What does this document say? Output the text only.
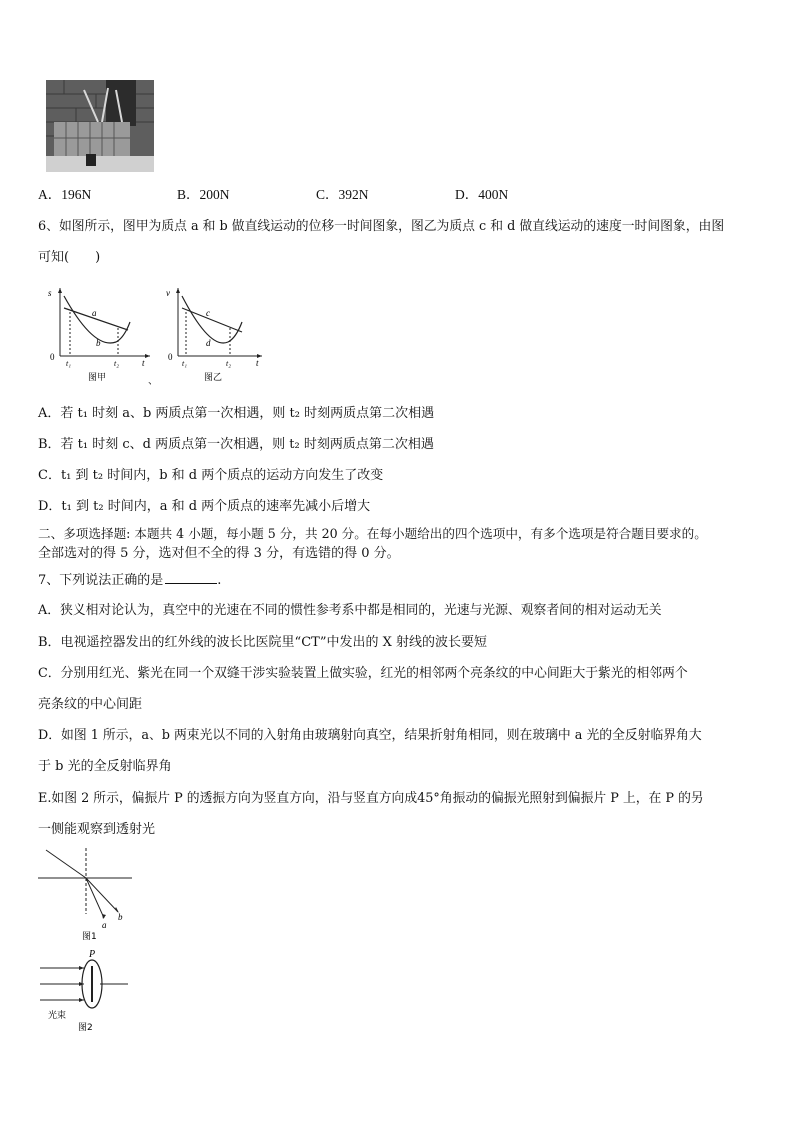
A．196N	B．200N	C．392N	D．400N
6、如图所示，图甲为质点 a 和 b 做直线运动的位移一时间图象，图乙为质点 c 和 d 做直线运动的速度一时间图象，由图
可知(　　)
s
0
t
a
b
t₁	t₂
图甲	、
v
0
t
c
d
t₁	t₂
图乙
A．若 t₁ 时刻 a、b 两质点第一次相遇，则 t₂ 时刻两质点第二次相遇
B．若 t₁ 时刻 c、d 两质点第一次相遇，则 t₂ 时刻两质点第二次相遇
C．t₁ 到 t₂ 时间内，b 和 d 两个质点的运动方向发生了改变
D．t₁ 到 t₂ 时间内，a 和 d 两个质点的速率先减小后增大
二、多项选择题: 本题共 4 小题，每小题 5 分，共 20 分。在每小题给出的四个选项中，有多个选项是符合题目要求的。
全部选对的得 5 分，选对但不全的得 3 分，有选错的得 0 分。
7、下列说法正确的是	.
A．狭义相对论认为，真空中的光速在不同的惯性参考系中都是相同的，光速与光源、观察者间的相对运动无关
B．电视遥控器发出的红外线的波长比医院里“CT”中发出的 X 射线的波长要短
C．分别用红光、紫光在同一个双缝干涉实验装置上做实验，红光的相邻两个亮条纹的中心间距大于紫光的相邻两个
亮条纹的中心间距
D．如图 1 所示，a、b 两束光以不同的入射角由玻璃射向真空，结果折射角相同，则在玻璃中 a 光的全反射临界角大
于 b 光的全反射临界角
E.如图 2 所示，偏振片 P 的透振方向为竖直方向，沿与竖直方向成45°角振动的偏振光照射到偏振片 P 上，在 P 的另
一侧能观察到透射光
a
b
图1
P
光束
图2
